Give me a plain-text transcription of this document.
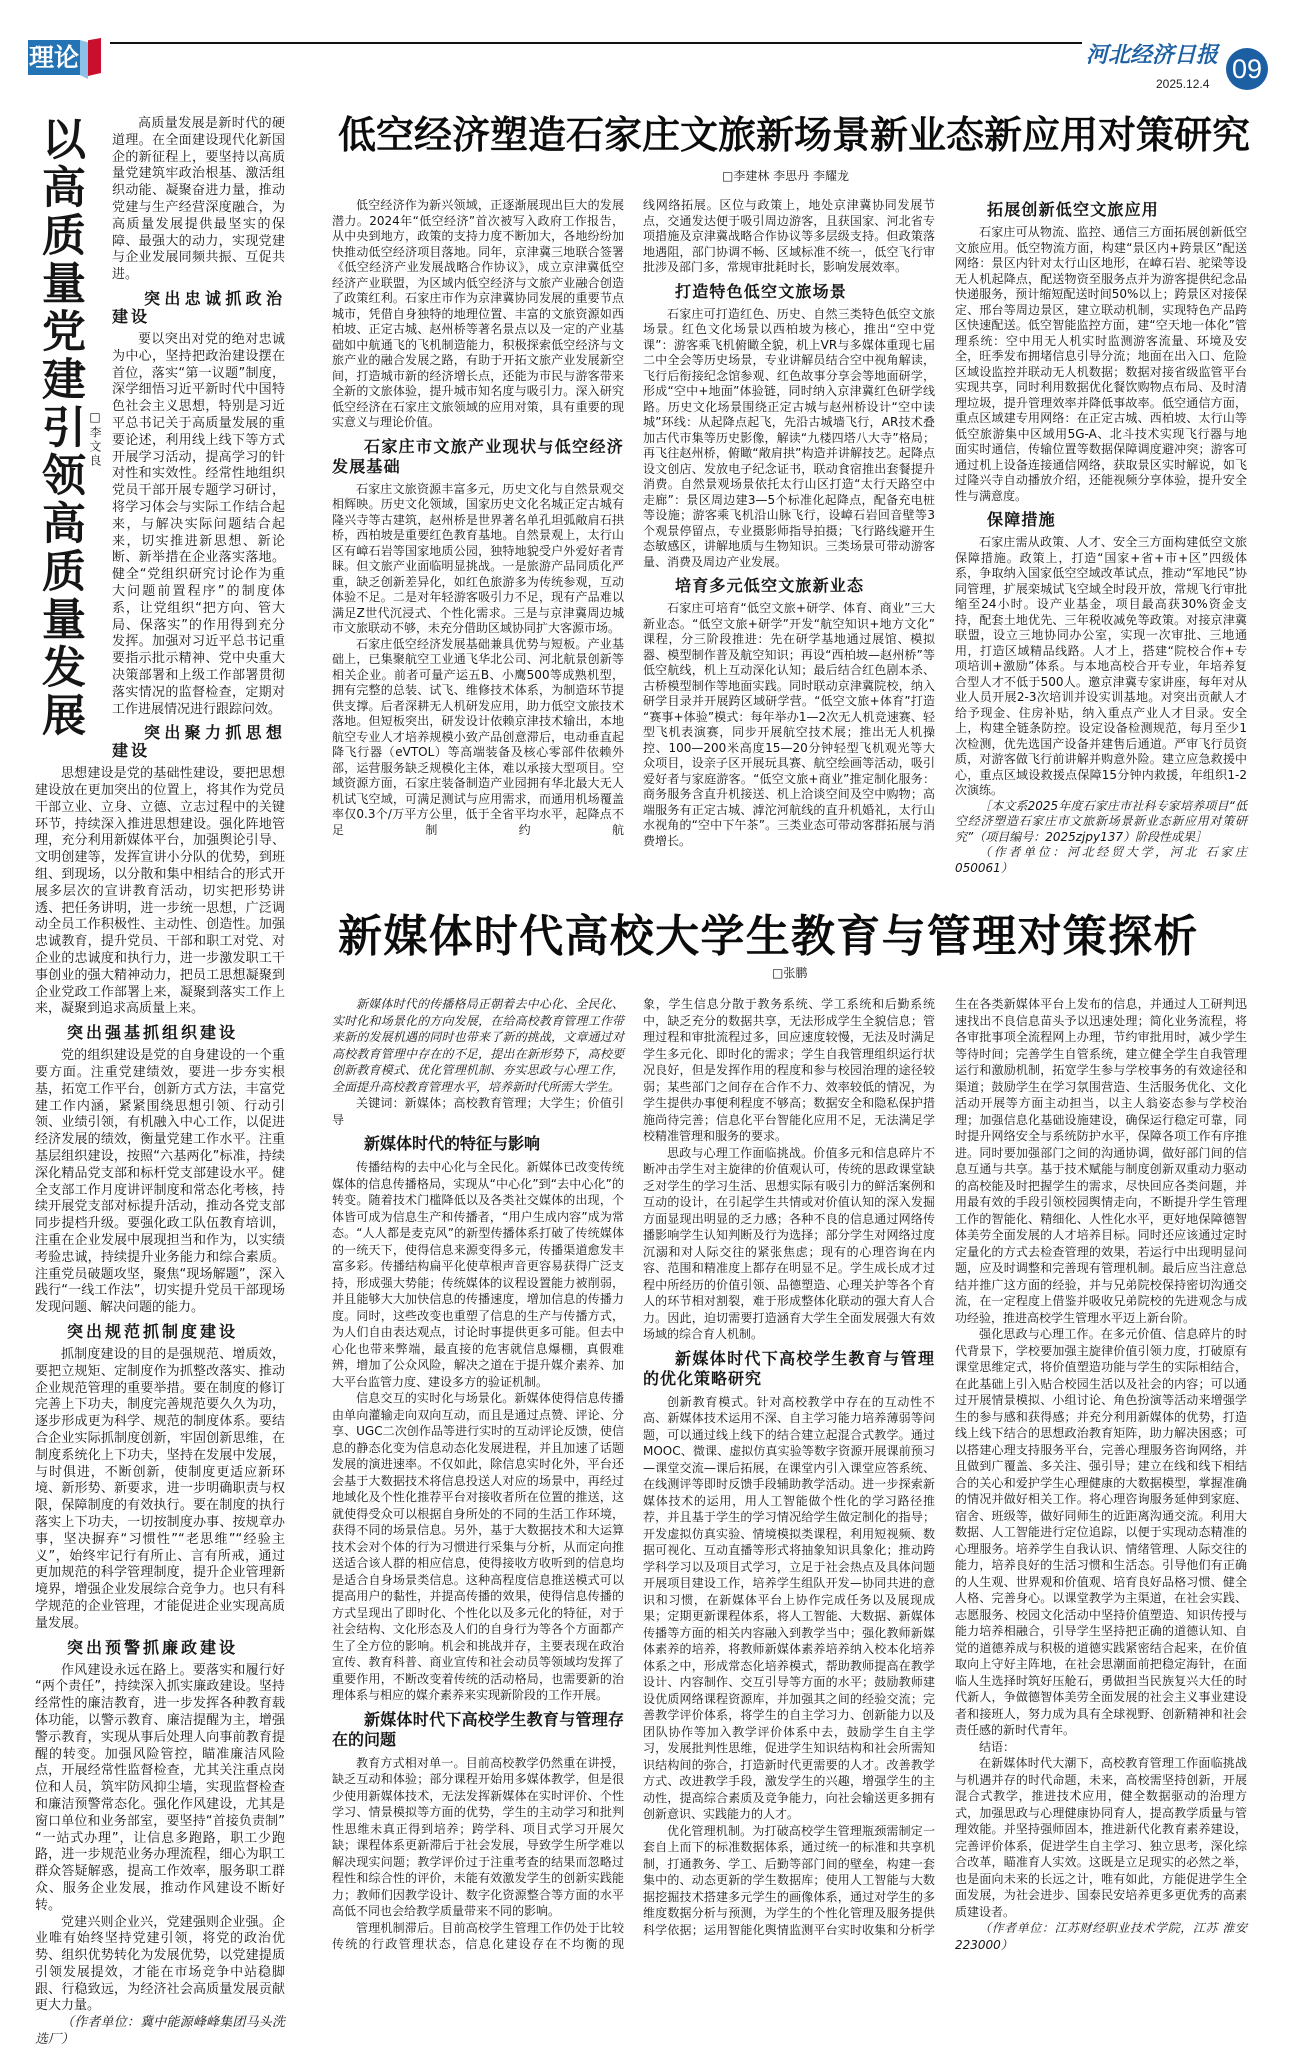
理论	河北经济日报 09
2025.12.4
以高质量党建引领高质量发展 □李文良

高质量发展是新时代的硬道理。在全面建设现代化新国企的新征程上，要坚持以高质量党建筑牢政治根基、激活组织动能、凝聚奋进力量，推动党建与生产经营深度融合，为高质量发展提供最坚实的保障、最强大的动力，实现党建与企业发展同频共振、互促共进。

突出忠诚抓政治建设

要以突出对党的绝对忠诚为中心，坚持把政治建设摆在首位，落实“第一议题”制度，深学细悟习近平新时代中国特色社会主义思想，特别是习近平总书记关于高质量发展的重要论述，利用线上线下等方式开展学习活动，提高学习的针对性和实效性。经常性地组织党员干部开展专题学习研讨，将学习体会与实际工作结合起来，与解决实际问题结合起来，切实推进新思想、新论断、新举措在企业落实落地。健全“党组织研究讨论作为重大问题前置程序”的制度体系，让党组织“把方向、管大局、保落实”的作用得到充分发挥。加强对习近平总书记重要指示批示精神、党中央重大决策部署和上级工作部署贯彻落实情况的监督检查，定期对工作进展情况进行跟踪问效。

突出聚力抓思想建设

思想建设是党的基础性建设，要把思想建设放在更加突出的位置上，将其作为党员干部立业、立身、立德、立志过程中的关键环节，持续深入推进思想建设。强化阵地管理，充分利用新媒体平台，加强舆论引导、文明创建等，发挥宣讲小分队的优势，到班组、到现场，以分散和集中相结合的形式开展多层次的宣讲教育活动，切实把形势讲透、把任务讲明，进一步统一思想，广泛调动全员工作积极性、主动性、创造性。加强忠诚教育，提升党员、干部和职工对党、对企业的忠诚度和执行力，进一步激发职工干事创业的强大精神动力，把员工思想凝聚到企业党政工作部署上来，凝聚到落实工作上来，凝聚到追求高质量上来。

突出强基抓组织建设

党的组织建设是党的自身建设的一个重要方面。注重党建绩效，要进一步夯实根基，拓宽工作平台，创新方式方法，丰富党建工作内涵，紧紧围绕思想引领、行动引领、业绩引领，有机融入中心工作，以促进经济发展的绩效，衡量党建工作水平。注重基层组织建设，按照“六基两化”标准，持续深化精品党支部和标杆党支部建设水平。健全支部工作月度讲评制度和常态化考核，持续开展党支部对标提升活动，推动各党支部同步提档升级。要强化政工队伍教育培训，注重在企业发展中展现担当和作为，以实绩考验忠诚，持续提升业务能力和综合素质。注重党员破题攻坚，聚焦“现场解题”，深入践行“一线工作法”，切实提升党员干部现场发现问题、解决问题的能力。

突出规范抓制度建设

抓制度建设的目的是强规范、增质效，要把立规矩、定制度作为抓整改落实、推动企业规范管理的重要举措。要在制度的修订完善上下功夫，制度完善规范要久久为功，逐步形成更为科学、规范的制度体系。要结合企业实际抓制度创新，牢固创新思维，在制度系统化上下功夫，坚持在发展中发展，与时俱进，不断创新，使制度更适应新环境、新形势、新要求，进一步明确职责与权限，保障制度的有效执行。要在制度的执行落实上下功夫，一切按制度办事、按规章办事，坚决摒弃“习惯性”“老思维”“经验主义”，始终牢记行有所止、言有所戒，通过更加规范的科学管理制度，提升企业管理新境界，增强企业发展综合竞争力。也只有科学规范的企业管理，才能促进企业实现高质量发展。

突出预警抓廉政建设

作风建设永远在路上。要落实和履行好“两个责任”，持续深入抓实廉政建设。坚持经常性的廉洁教育，进一步发挥各种教育载体功能，以警示教育、廉洁提醒为主，增强警示教育，实现从事后处理人向事前教育提醒的转变。加强风险管控，瞄准廉洁风险点，开展经常性监督检查，尤其关注重点岗位和人员，筑牢防风抑尘墙，实现监督检查和廉洁预警常态化。强化作风建设，尤其是窗口单位和业务部室，要坚持“首接负责制”“一站式办理”，让信息多跑路，职工少跑路，进一步规范业务办理流程，细心为职工群众答疑解惑，提高工作效率，服务职工群众、服务企业发展，推动作风建设不断好转。

党建兴则企业兴，党建强则企业强。企业唯有始终坚持党建引领，将党的政治优势、组织优势转化为发展优势，以党建提质引领发展提效，才能在市场竞争中站稳脚跟、行稳致远，为经济社会高质量发展贡献更大力量。

（作者单位：冀中能源峰峰集团马头洗选厂）

低空经济塑造石家庄文旅新场景新业态新应用对策研究
□李建林 李思丹 李耀龙

低空经济作为新兴领域，正逐渐展现出巨大的发展潜力。2024年“低空经济”首次被写入政府工作报告，从中央到地方，政策的支持力度不断加大，各地纷纷加快推动低空经济项目落地。同年，京津冀三地联合签署《低空经济产业发展战略合作协议》，成立京津冀低空经济产业联盟，为区域内低空经济与文旅产业融合创造了政策红利。石家庄市作为京津冀协同发展的重要节点城市，凭借自身独特的地理位置、丰富的文旅资源如西柏坡、正定古城、赵州桥等著名景点以及一定的产业基础如中航通飞的飞机制造能力，积极探索低空经济与文旅产业的融合发展之路，有助于开拓文旅产业发展新空间，打造城市新的经济增长点，还能为市民与游客带来全新的文旅体验，提升城市知名度与吸引力。深入研究低空经济在石家庄文旅领域的应用对策，具有重要的现实意义与理论价值。

石家庄市文旅产业现状与低空经济发展基础

石家庄文旅资源丰富多元，历史文化与自然景观交相辉映。历史文化领域，国家历史文化名城正定古城有隆兴寺等古建筑，赵州桥是世界著名单孔坦弧敞肩石拱桥，西柏坡是重要红色教育基地。自然景观上，太行山区有嶂石岩等国家地质公园，独特地貌受户外爱好者青睐。但文旅产业面临明显挑战。一是旅游产品同质化严重，缺乏创新差异化，如红色旅游多为传统参观，互动体验不足。二是对年轻游客吸引力不足，现有产品难以满足Z世代沉浸式、个性化需求。三是与京津冀周边城市文旅联动不够，未充分借助区域协同扩大客源市场。

石家庄低空经济发展基础兼具优势与短板。产业基础上，已集聚航空工业通飞华北公司、河北航景创新等相关企业。前者可量产运五B、小鹰500等成熟机型，拥有完整的总装、试飞、维修技术体系，为制造环节提供支撑。后者深耕无人机研发应用，助力低空文旅技术落地。但短板突出，研发设计依赖京津技术输出，本地航空专业人才培养规模小致产品创意滞后，电动垂直起降飞行器（eVTOL）等高端装备及核心零部件依赖外部，运营服务缺乏规模化主体，难以承接大型项目。空域资源方面，石家庄装备制造产业园拥有华北最大无人机试飞空域，可满足测试与应用需求，而通用机场覆盖率仅0.3个/万平方公里，低于全省平均水平，起降点不足制约航

线网络拓展。区位与政策上，地处京津冀协同发展节点，交通发达便于吸引周边游客，且获国家、河北省专项措施及京津冀战略合作协议等多层级支持。但政策落地遇阻，部门协调不畅、区域标准不统一，低空飞行审批涉及部门多，常规审批耗时长，影响发展效率。

打造特色低空文旅场景

石家庄可打造红色、历史、自然三类特色低空文旅场景。红色文化场景以西柏坡为核心，推出“空中党课”：游客乘飞机俯瞰全貌，机上VR与多媒体重现七届二中全会等历史场景，专业讲解员结合空中视角解读，飞行后衔接纪念馆参观、红色故事分享会等地面研学，形成“空中+地面”体验链，同时纳入京津冀红色研学线路。历史文化场景围绕正定古城与赵州桥设计“空中读城”环线：从起降点起飞，先沿古城墙飞行，AR技术叠加古代市集等历史影像，解读“九楼四塔八大寺”格局；再飞往赵州桥，俯瞰“敞肩拱”构造并讲解技艺。起降点设文创店、发放电子纪念证书，联动食宿推出套餐提升消费。自然景观场景依托太行山区打造“太行天路空中走廊”：景区周边建3—5个标准化起降点，配备充电桩等设施；游客乘飞机沿山脉飞行，设嶂石岩回音壁等3个观景停留点，专业摄影师指导拍摄；飞行路线避开生态敏感区，讲解地质与生物知识。三类场景可带动游客量、消费及周边产业发展。

培育多元低空文旅新业态

石家庄可培育“低空文旅+研学、体育、商业”三大新业态。“低空文旅+研学”开发“航空知识+地方文化”课程，分三阶段推进：先在研学基地通过展馆、模拟器、模型制作普及航空知识；再设“西柏坡—赵州桥”等低空航线，机上互动深化认知；最后结合红色剧本杀、古桥模型制作等地面实践。同时联动京津冀院校，纳入研学目录并开展跨区域研学营。“低空文旅+体育”打造“赛事+体验”模式：每年举办1—2次无人机竞速赛、轻型飞机表演赛，同步开展航空技术展；推出无人机操控、100—200米高度15—20分钟轻型飞机观光等大众项目，设亲子区开展玩具赛、航空绘画等活动，吸引爱好者与家庭游客。“低空文旅+商业”推定制化服务：商务服务含直升机接送、机上洽谈空间及空中购物；高端服务有正定古城、滹沱河航线的直升机婚礼，太行山水视角的“空中下午茶”。三类业态可带动客群拓展与消费增长。

拓展创新低空文旅应用

石家庄可从物流、监控、通信三方面拓展创新低空文旅应用。低空物流方面，构建“景区内+跨景区”配送网络：景区内针对太行山区地形，在嶂石岩、驼梁等设无人机起降点，配送物资至服务点并为游客提供纪念品快递服务，预计缩短配送时间50%以上；跨景区对接保定、邢台等周边景区，建立联动机制，实现特色产品跨区快速配送。低空智能监控方面，建“空天地一体化”管理系统：空中用无人机实时监测游客流量、环境及安全，旺季发布拥堵信息引导分流；地面在出入口、危险区域设监控并联动无人机数据；数据对接省级监管平台实现共享，同时利用数据优化餐饮购物点布局、及时清理垃圾，提升管理效率并降低事故率。低空通信方面，重点区域建专用网络：在正定古城、西柏坡、太行山等低空旅游集中区域用5G-A、北斗技术实现飞行器与地面实时通信，传输位置等数据保障调度避冲突；游客可通过机上设备连接通信网络，获取景区实时解说，如飞过隆兴寺自动播放介绍，还能视频分享体验，提升安全性与满意度。

保障措施

石家庄需从政策、人才、安全三方面构建低空文旅保障措施。政策上，打造“国家+省+市+区”四级体系，争取纳入国家低空空域改革试点，推动“军地民”协同管理，扩展栾城试飞空域全时段开放，常规飞行审批缩至24小时。设产业基金，项目最高获30%资金支持，配套土地优先、三年税收减免等政策。对接京津冀联盟，设立三地协同办公室，实现一次审批、三地通用，打造区域精品线路。人才上，搭建“院校合作+专项培训+激励”体系。与本地高校合开专业，年培养复合型人才不低于500人。邀京津冀专家讲座，每年对从业人员开展2-3次培训并设实训基地。对突出贡献人才给予现金、住房补贴，纳入重点产业人才目录。安全上，构建全链条防控。设定设备检测规范，每月至少1次检测，优先选国产设备并建售后通道。严审飞行员资质，对游客做飞行前讲解并购意外险。建立应急救援中心，重点区域设救援点保障15分钟内救援，年组织1-2次演练。

［本文系2025年度石家庄市社科专家培养项目“低空经济塑造石家庄市文旅新场景新业态新应用对策研究”（项目编号：2025zjpy137）阶段性成果］

（作者单位：河北经贸大学，河北 石家庄 050061）

新媒体时代高校大学生教育与管理对策探析
□张鹏

新媒体时代的传播格局正朝着去中心化、全民化、实时化和场景化的方向发展，在给高校教育管理工作带来新的发展机遇的同时也带来了新的挑战，文章通过对高校教育管理中存在的不足，提出在新形势下，高校要创新教育模式、优化管理机制、夯实思政与心理工作，全面提升高校教育管理水平，培养新时代所需大学生。

关键词：新媒体；高校教育管理；大学生；价值引导

新媒体时代的特征与影响

传播结构的去中心化与全民化。新媒体已改变传统媒体的信息传播格局，实现从“中心化”到“去中心化”的转变。随着技术门槛降低以及各类社交媒体的出现，个体皆可成为信息生产和传播者，“用户生成内容”成为常态。“人人都是麦克风”的新型传播体系打破了传统媒体的一统天下，使得信息来源变得多元，传播渠道愈发丰富多彩。传播结构扁平化使草根声音更容易获得广泛支持，形成强大势能；传统媒体的议程设置能力被削弱，并且能够大大加快信息的传播速度，增加信息的传播力度。同时，这些改变也重塑了信息的生产与传播方式，为人们自由表达观点，讨论时事提供更多可能。但去中心化也带来弊端，最直接的危害就信息爆棚，真假难辨，增加了公众风险，解决之道在于提升媒介素养、加大平台监管力度、建设多方的验证机制。

信息交互的实时化与场景化。新媒体使得信息传播由单向灌输走向双向互动，而且是通过点赞、评论、分享、UGC二次创作品等进行实时的互动评论反馈，使信息的静态化变为信息动态化发展进程，并且加速了话题发展的演进速率。不仅如此，除信息实时化外，平台还会基于大数据技术将信息投送人对应的场景中，再经过地域化及个性化推荐平台对接收者所在位置的推送，这就使得受众可以根据自身所处的不同的生活工作环境，获得不同的场景信息。另外，基于大数据技术和大运算技术会对个体的行为习惯进行采集与分析，从而定向推送适合该人群的相应信息，使得接收方收听到的信息均是适合自身场景类信息。这种高程度信息推送模式可以提高用户的黏性，并提高传播的效果，使得信息传播的方式呈现出了即时化、个性化以及多元化的特征，对于社会结构、文化形态及人们的自身行为等各个方面都产生了全方位的影响。机会和挑战并存，主要表现在政治宣传、教育科普、商业宣传和社会动员等领域均发挥了重要作用，不断改变着传统的活动格局，也需要新的治理体系与相应的媒介素养来实现新阶段的工作开展。

新媒体时代下高校学生教育与管理存在的问题

教育方式相对单一。目前高校教学仍然重在讲授，缺乏互动和体验；部分课程开始用多媒体教学，但是很少使用新媒体技术，无法发挥新媒体在实时评价、个性学习、情景模拟等方面的优势，学生的主动学习和批判性思维未真正得到培养；跨学科、项目式学习开展欠缺；课程体系更新滞后于社会发展，导致学生所学难以解决现实问题；教学评价过于注重考查的结果而忽略过程性和综合性的评价，未能有效激发学生的创新实践能力；教师们因教学设计、数字化资源整合等方面的水平高低不同也会给教学质量带来不同的影响。

管理机制滞后。目前高校学生管理工作仍处于比较传统的行政管理状态，信息化建设存在不均衡的现

象，学生信息分散于教务系统、学工系统和后勤系统中，缺乏充分的数据共享，无法形成学生全貌信息；管理过程和审批流程过多，回应速度较慢，无法及时满足学生多元化、即时化的需求；学生自我管理组织运行状况良好，但是发挥作用的程度和参与校园治理的途径较弱；某些部门之间存在合作不力、效率较低的情况，为学生提供办事便利程度不够高；数据安全和隐私保护措施尚待完善；信息化平台智能化应用不足，无法满足学校精准管理和服务的要求。

思政与心理工作面临挑战。价值多元和信息碎片不断冲击学生对主旋律的价值观认可，传统的思政课堂缺乏对学生的学习生活、思想实际有吸引力的鲜活案例和互动的设计，在引起学生共情或对价值认知的深入发掘方面显现出明显的乏力感；各种不良的信息通过网络传播影响学生认知判断及行为选择；部分学生对网络过度沉溺和对人际交往的紧张焦虑；现有的心理咨询在内容、范围和精准度上都存在明显不足。学生成长成才过程中所经历的价值引领、品德塑造、心理关护等各个育人的环节相对割裂，难于形成整体化联动的强大育人合力。因此，迫切需要打造涵育大学生全面发展强大有效场域的综合育人机制。

新媒体时代下高校学生教育与管理的优化策略研究

创新教育模式。针对高校教学中存在的互动性不高、新媒体技术运用不深、自主学习能力培养薄弱等问题，可以通过线上线下的结合建立起混合式教学。通过MOOC、微课、虚拟仿真实验等数字资源开展课前预习—课堂交流—课后拓展，在课堂内引入课堂应答系统、在线测评等即时反馈手段辅助教学活动。进一步探索新媒体技术的运用，用人工智能做个性化的学习路径推荐，并且基于学生的学习情况给学生做定制化的指导；开发虚拟仿真实验、情境模拟类课程，利用短视频、数据可视化、互动直播等形式将抽象知识具象化；推动跨学科学习以及项目式学习，立足于社会热点及具体问题开展项目建设工作，培养学生组队开发—协同共进的意识和习惯，在新媒体平台上协作完成任务以及展现成果；定期更新课程体系，将人工智能、大数据、新媒体传播等方面的相关内容融入到教学当中；强化教师新媒体素养的培养，将教师新媒体素养培养纳入校本化培养体系之中，形成常态化培养模式，帮助教师提高在教学设计、内容制作、交互引导等方面的水平；鼓励教师建设优质网络课程资源库，并加强其之间的经验交流；完善教学评价体系，将学生的自主学习力、创新能力以及团队协作等加入教学评价体系中去，鼓励学生自主学习，发展批判性思维，促进学生知识结构和社会所需知识结构间的弥合，打造新时代更需要的人才。改善教学方式、改进教学手段，激发学生的兴趣，增强学生的主动性，提高综合素质及竞争能力，向社会输送更多拥有创新意识、实践能力的人才。

优化管理机制。为打破高校学生管理瓶颈需制定一套自上而下的标准数据体系，通过统一的标准和共享机制，打通教务、学工、后勤等部门间的壁垒，构建一套集中的、动态更新的学生数据库；使用人工智能与大数据挖掘技术搭建多元学生的画像体系，通过对学生的多维度数据分析与预测，为学生的个性化管理及服务提供科学依据；运用智能化舆情监测平台实时收集和分析学

生在各类新媒体平台上发布的信息，并通过人工研判迅速找出不良信息苗头予以迅速处理；简化业务流程，将各审批事项全流程网上办理，节约审批用时，减少学生等待时间；完善学生自管系统，建立健全学生自我管理运行和激励机制，拓宽学生参与学校事务的有效途径和渠道；鼓励学生在学习氛围营造、生活服务优化、文化活动开展等方面主动担当，以主人翁姿态参与学校治理；加强信息化基础设施建设，确保运行稳定可靠，同时提升网络安全与系统防护水平，保障各项工作有序推进。同时要加强部门之间的沟通协调，做好部门间的信息互通与共享。基于技术赋能与制度创新双重动力驱动的高校能及时把握学生的需求，尽快回应各类问题，并用最有效的手段引领校园舆情走向，不断提升学生管理工作的智能化、精细化、人性化水平，更好地保障德智体美劳全面发展的人才培养目标。同时还应该通过定时定量化的方式去检查管理的效果，若运行中出现明显问题，应及时调整和完善现有管理机制。最后应当注意总结并推广这方面的经验，并与兄弟院校保持密切沟通交流，在一定程度上借鉴并吸收兄弟院校的先进观念与成功经验，推进高校学生管理水平迈上新台阶。

强化思政与心理工作。在多元价值、信息碎片的时代背景下，学校要加强主旋律价值引领力度，打破原有课堂思维定式，将价值塑造功能与学生的实际相结合，在此基础上引入贴合校园生活以及社会的内容；可以通过开展情景模拟、小组讨论、角色扮演等活动来增强学生的参与感和获得感；并充分利用新媒体的优势，打造线上线下结合的思想政治教育矩阵，助力解决困惑；可以搭建心理支持服务平台，完善心理服务咨询网络，并且做到广覆盖、多关注、强引导；建立在线和线下相结合的关心和爱护学生心理健康的大数据模型，掌握准确的情况并做好相关工作。将心理咨询服务延伸到家庭、宿舍、班级等，做好同师生的近距离沟通交流。利用大数据、人工智能进行定位追踪，以便于实现动态精准的心理服务。培养学生自我认识、情绪管理、人际交往的能力，培养良好的生活习惯和生活态。引导他们有正确的人生观、世界观和价值观、培育良好品格习惯、健全人格、完善身心。以课堂教学为主渠道，在社会实践、志愿服务、校园文化活动中坚持价值塑造、知识传授与能力培养相融合，引导学生坚持把正确的道德认知、自觉的道德养成与积极的道德实践紧密结合起来，在价值取向上守好主阵地，在社会思潮面前把稳定海针，在面临人生选择时筑好压舱石，勇做担当民族复兴大任的时代新人，争做德智体美劳全面发展的社会主义事业建设者和接班人，努力成为具有全球视野、创新精神和社会责任感的新时代青年。

结语：

在新媒体时代大潮下，高校教育管理工作面临挑战与机遇并存的时代命题，未来，高校需坚持创新，开展混合式教学，推进技术应用，健全数据驱动的治理方式，加强思政与心理健康协同育人，提高教学质量与管理效能。并坚持强师固本，推进新代化教育素养建设，完善评价体系，促进学生自主学习、独立思考，深化综合改革，瞄准育人实效。这既是立足现实的必然之举，也是面向未来的长远之计，唯有如此，方能促进学生全面发展，为社会进步、国泰民安培养更多更优秀的高素质建设者。

（作者单位：江苏财经职业技术学院，江苏 淮安 223000）
